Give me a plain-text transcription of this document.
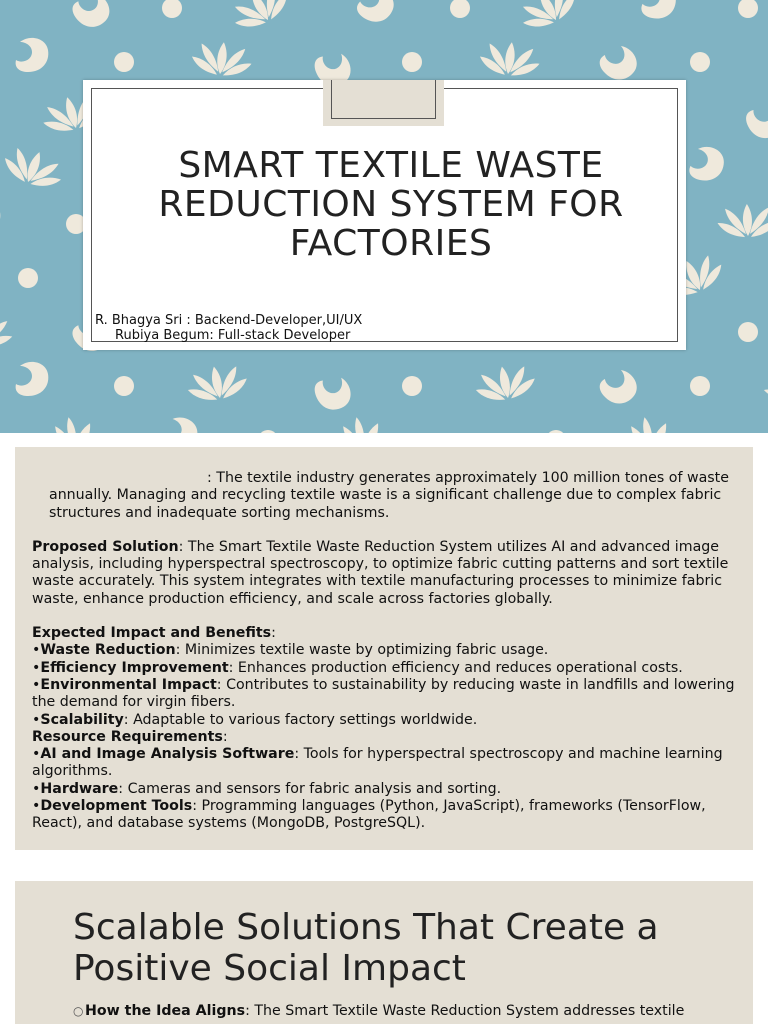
SMART TEXTILE WASTE REDUCTION SYSTEM FOR FACTORIES
R. Bhagya Sri : Backend-Developer,UI/UX
Rubiya Begum: Full-stack Developer

: The textile industry generates approximately 100 million tones of waste annually. Managing and recycling textile waste is a significant challenge due to complex fabric structures and inadequate sorting mechanisms.

Proposed Solution: The Smart Textile Waste Reduction System utilizes AI and advanced image analysis, including hyperspectral spectroscopy, to optimize fabric cutting patterns and sort textile waste accurately. This system integrates with textile manufacturing processes to minimize fabric waste, enhance production efficiency, and scale across factories globally.

Expected Impact and Benefits:

•Waste Reduction: Minimizes textile waste by optimizing fabric usage.

•Efficiency Improvement: Enhances production efficiency and reduces operational costs.

•Environmental Impact: Contributes to sustainability by reducing waste in landfills and lowering the demand for virgin fibers.

•Scalability: Adaptable to various factory settings worldwide.

Resource Requirements:

•AI and Image Analysis Software: Tools for hyperspectral spectroscopy and machine learning algorithms.

•Hardware: Cameras and sensors for fabric analysis and sorting.

•Development Tools: Programming languages (Python, JavaScript), frameworks (TensorFlow, React), and database systems (MongoDB, PostgreSQL).

Scalable Solutions That Create a Positive Social Impact
○ How the Idea Aligns: The Smart Textile Waste Reduction System addresses textile
